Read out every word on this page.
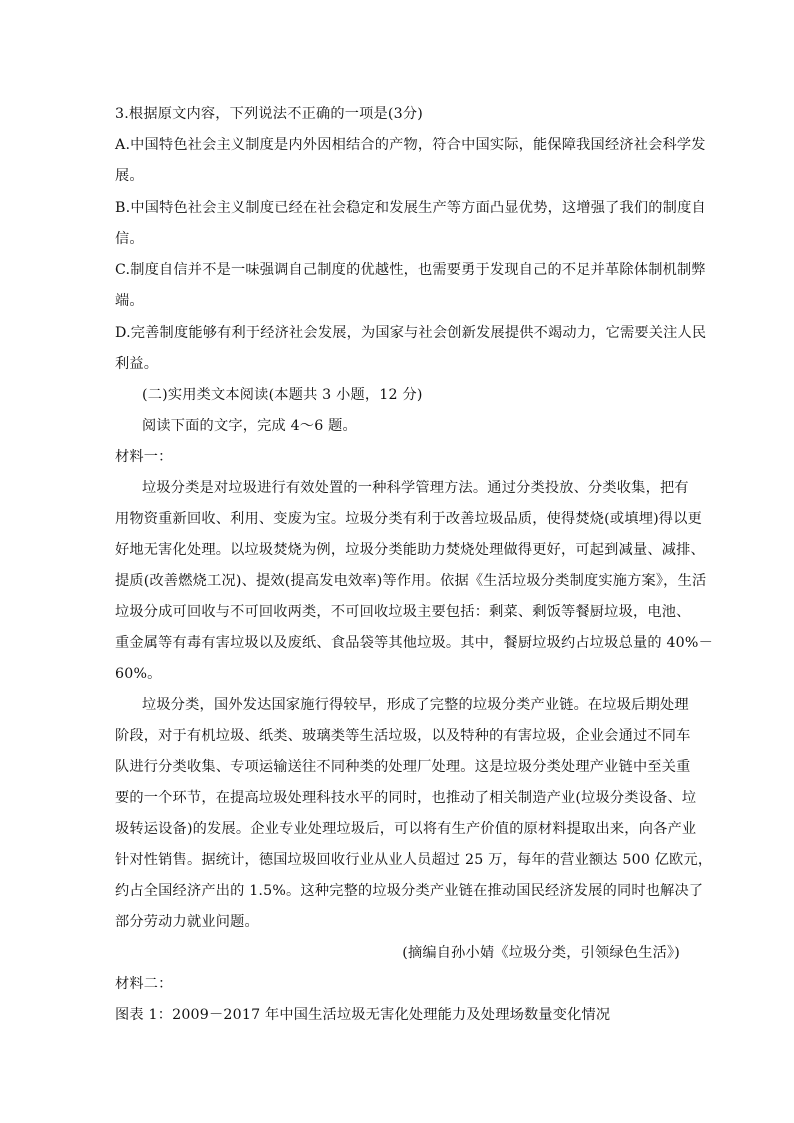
3.根据原文内容，下列说法不正确的一项是(3分)
A.中国特色社会主义制度是内外因相结合的产物，符合中国实际，能保障我国经济社会科学发
展。
B.中国特色社会主义制度已经在社会稳定和发展生产等方面凸显优势，这增强了我们的制度自
信。
C.制度自信并不是一味强调自己制度的优越性，也需要勇于发现自己的不足并革除体制机制弊
端。
D.完善制度能够有利于经济社会发展，为国家与社会创新发展提供不竭动力，它需要关注人民
利益。
(二)实用类文本阅读(本题共 3 小题，12 分)
阅读下面的文字，完成 4～6 题。
材料一：
垃圾分类是对垃圾进行有效处置的一种科学管理方法。通过分类投放、分类收集，把有
用物资重新回收、利用、变废为宝。垃圾分类有利于改善垃圾品质，使得焚烧(或填埋)得以更
好地无害化处理。以垃圾焚烧为例，垃圾分类能助力焚烧处理做得更好，可起到减量、减排、
提质(改善燃烧工况)、提效(提高发电效率)等作用。依据《生活垃圾分类制度实施方案》，生活
垃圾分成可回收与不可回收两类，不可回收垃圾主要包括：剩菜、剩饭等餐厨垃圾，电池、
重金属等有毒有害垃圾以及废纸、食品袋等其他垃圾。其中，餐厨垃圾约占垃圾总量的 40%－
60%。
垃圾分类，国外发达国家施行得较早，形成了完整的垃圾分类产业链。在垃圾后期处理
阶段，对于有机垃圾、纸类、玻璃类等生活垃圾，以及特种的有害垃圾，企业会通过不同车
队进行分类收集、专项运输送往不同种类的处理厂处理。这是垃圾分类处理产业链中至关重
要的一个环节，在提高垃圾处理科技水平的同时，也推动了相关制造产业(垃圾分类设备、垃
圾转运设备)的发展。企业专业处理垃圾后，可以将有生产价值的原材料提取出来，向各产业
针对性销售。据统计，德国垃圾回收行业从业人员超过 25 万，每年的营业额达 500 亿欧元，
约占全国经济产出的 1.5%。这种完整的垃圾分类产业链在推动国民经济发展的同时也解决了
部分劳动力就业问题。
(摘编自孙小婧《垃圾分类，引领绿色生活》)
材料二：
图表 1：2009－2017 年中国生活垃圾无害化处理能力及处理场数量变化情况
